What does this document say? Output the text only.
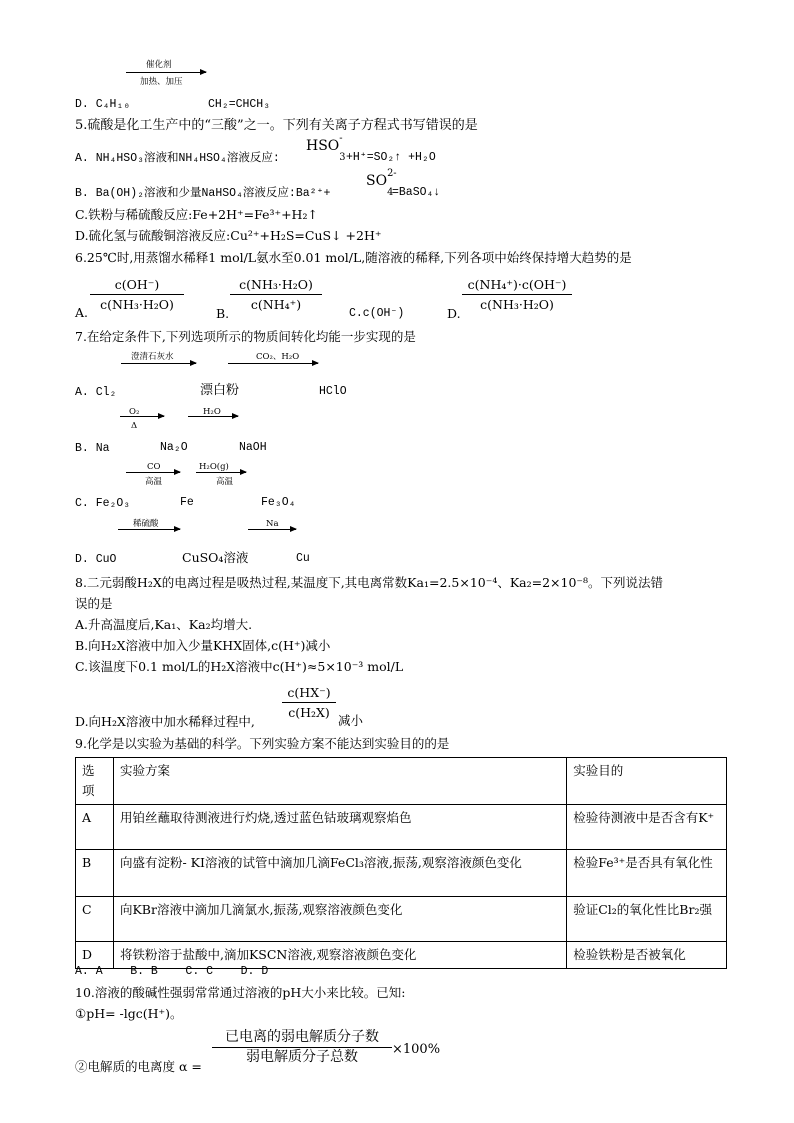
催化剂
加热、加压
D. C₄H₁₀	CH₂=CHCH₃
5.硫酸是化工生产中的“三酸”之一。下列有关离子方程式书写错误的是
A. NH₄HSO₃溶液和NH₄HSO₄溶液反应:
HSO -
$_3$ +H⁺=SO₂↑ +H₂O
B. Ba(OH)₂溶液和少量NaHSO₄溶液反应:Ba²⁺+
SO 2-
$_4$
=BaSO₄↓
C.铁粉与稀硫酸反应:Fe+2H⁺=Fe³⁺+H₂↑
D.硫化氢与硫酸铜溶液反应:Cu²⁺+H₂S=CuS↓ +2H⁺
6.25℃时,用蒸馏水稀释1 mol/L氨水至0.01 mol/L,随溶液的稀释,下列各项中始终保持增大趋势的是
A.
c(OH⁻)
c(NH₃·H₂O)
B.
c(NH₃·H₂O)
c(NH₄⁺)
C.c(OH⁻)	D.
c(NH₄⁺)·c(OH⁻)
c(NH₃·H₂O)
7.在给定条件下,下列选项所示的物质间转化均能一步实现的是
澄清石灰水	CO₂、H₂O
A. Cl₂	漂白粉	HClO
O₂
Δ
H₂O
B. Na	Na₂O	NaOH
CO
高温
H₂O(g)
高温
C. Fe₂O₃	Fe	Fe₃O₄
稀硫酸	Na
D. CuO	CuSO₄溶液	Cu
8.二元弱酸H₂X的电离过程是吸热过程,某温度下,其电离常数Ka₁=2.5×10⁻⁴、Ka₂=2×10⁻⁸。下列说法错
误的是
A.升高温度后,Ka₁、Ka₂均增大.
B.向H₂X溶液中加入少量KHX固体,c(H⁺)减小
C.该温度下0.1 mol/L的H₂X溶液中c(H⁺)≈5×10⁻³ mol/L
D.向H₂X溶液中加水稀释过程中,
c(HX⁻)
c(H₂X)
减小
9.化学是以实验为基础的科学。下列实验方案不能达到实验目的的是
选项	实验方案	实验目的
A	用铂丝蘸取待测液进行灼烧,透过蓝色钴玻璃观察焰色	检验待测液中是否含有K⁺
B	向盛有淀粉- KI溶液的试管中滴加几滴FeCl₃溶液,振荡,观察溶液颜色变化	检验Fe³⁺是否具有氧化性
C	向KBr溶液中滴加几滴氯水,振荡,观察溶液颜色变化	验证Cl₂的氧化性比Br₂强
D	将铁粉溶于盐酸中,滴加KSCN溶液,观察溶液颜色变化	检验铁粉是否被氧化
A. A    B. B    C. C    D. D
10.溶液的酸碱性强弱常常通过溶液的pH大小来比较。已知:
①pH= -lgc(H⁺)。
②电解质的电离度 α =
已电离的弱电解质分子数
弱电解质分子总数	×100%
